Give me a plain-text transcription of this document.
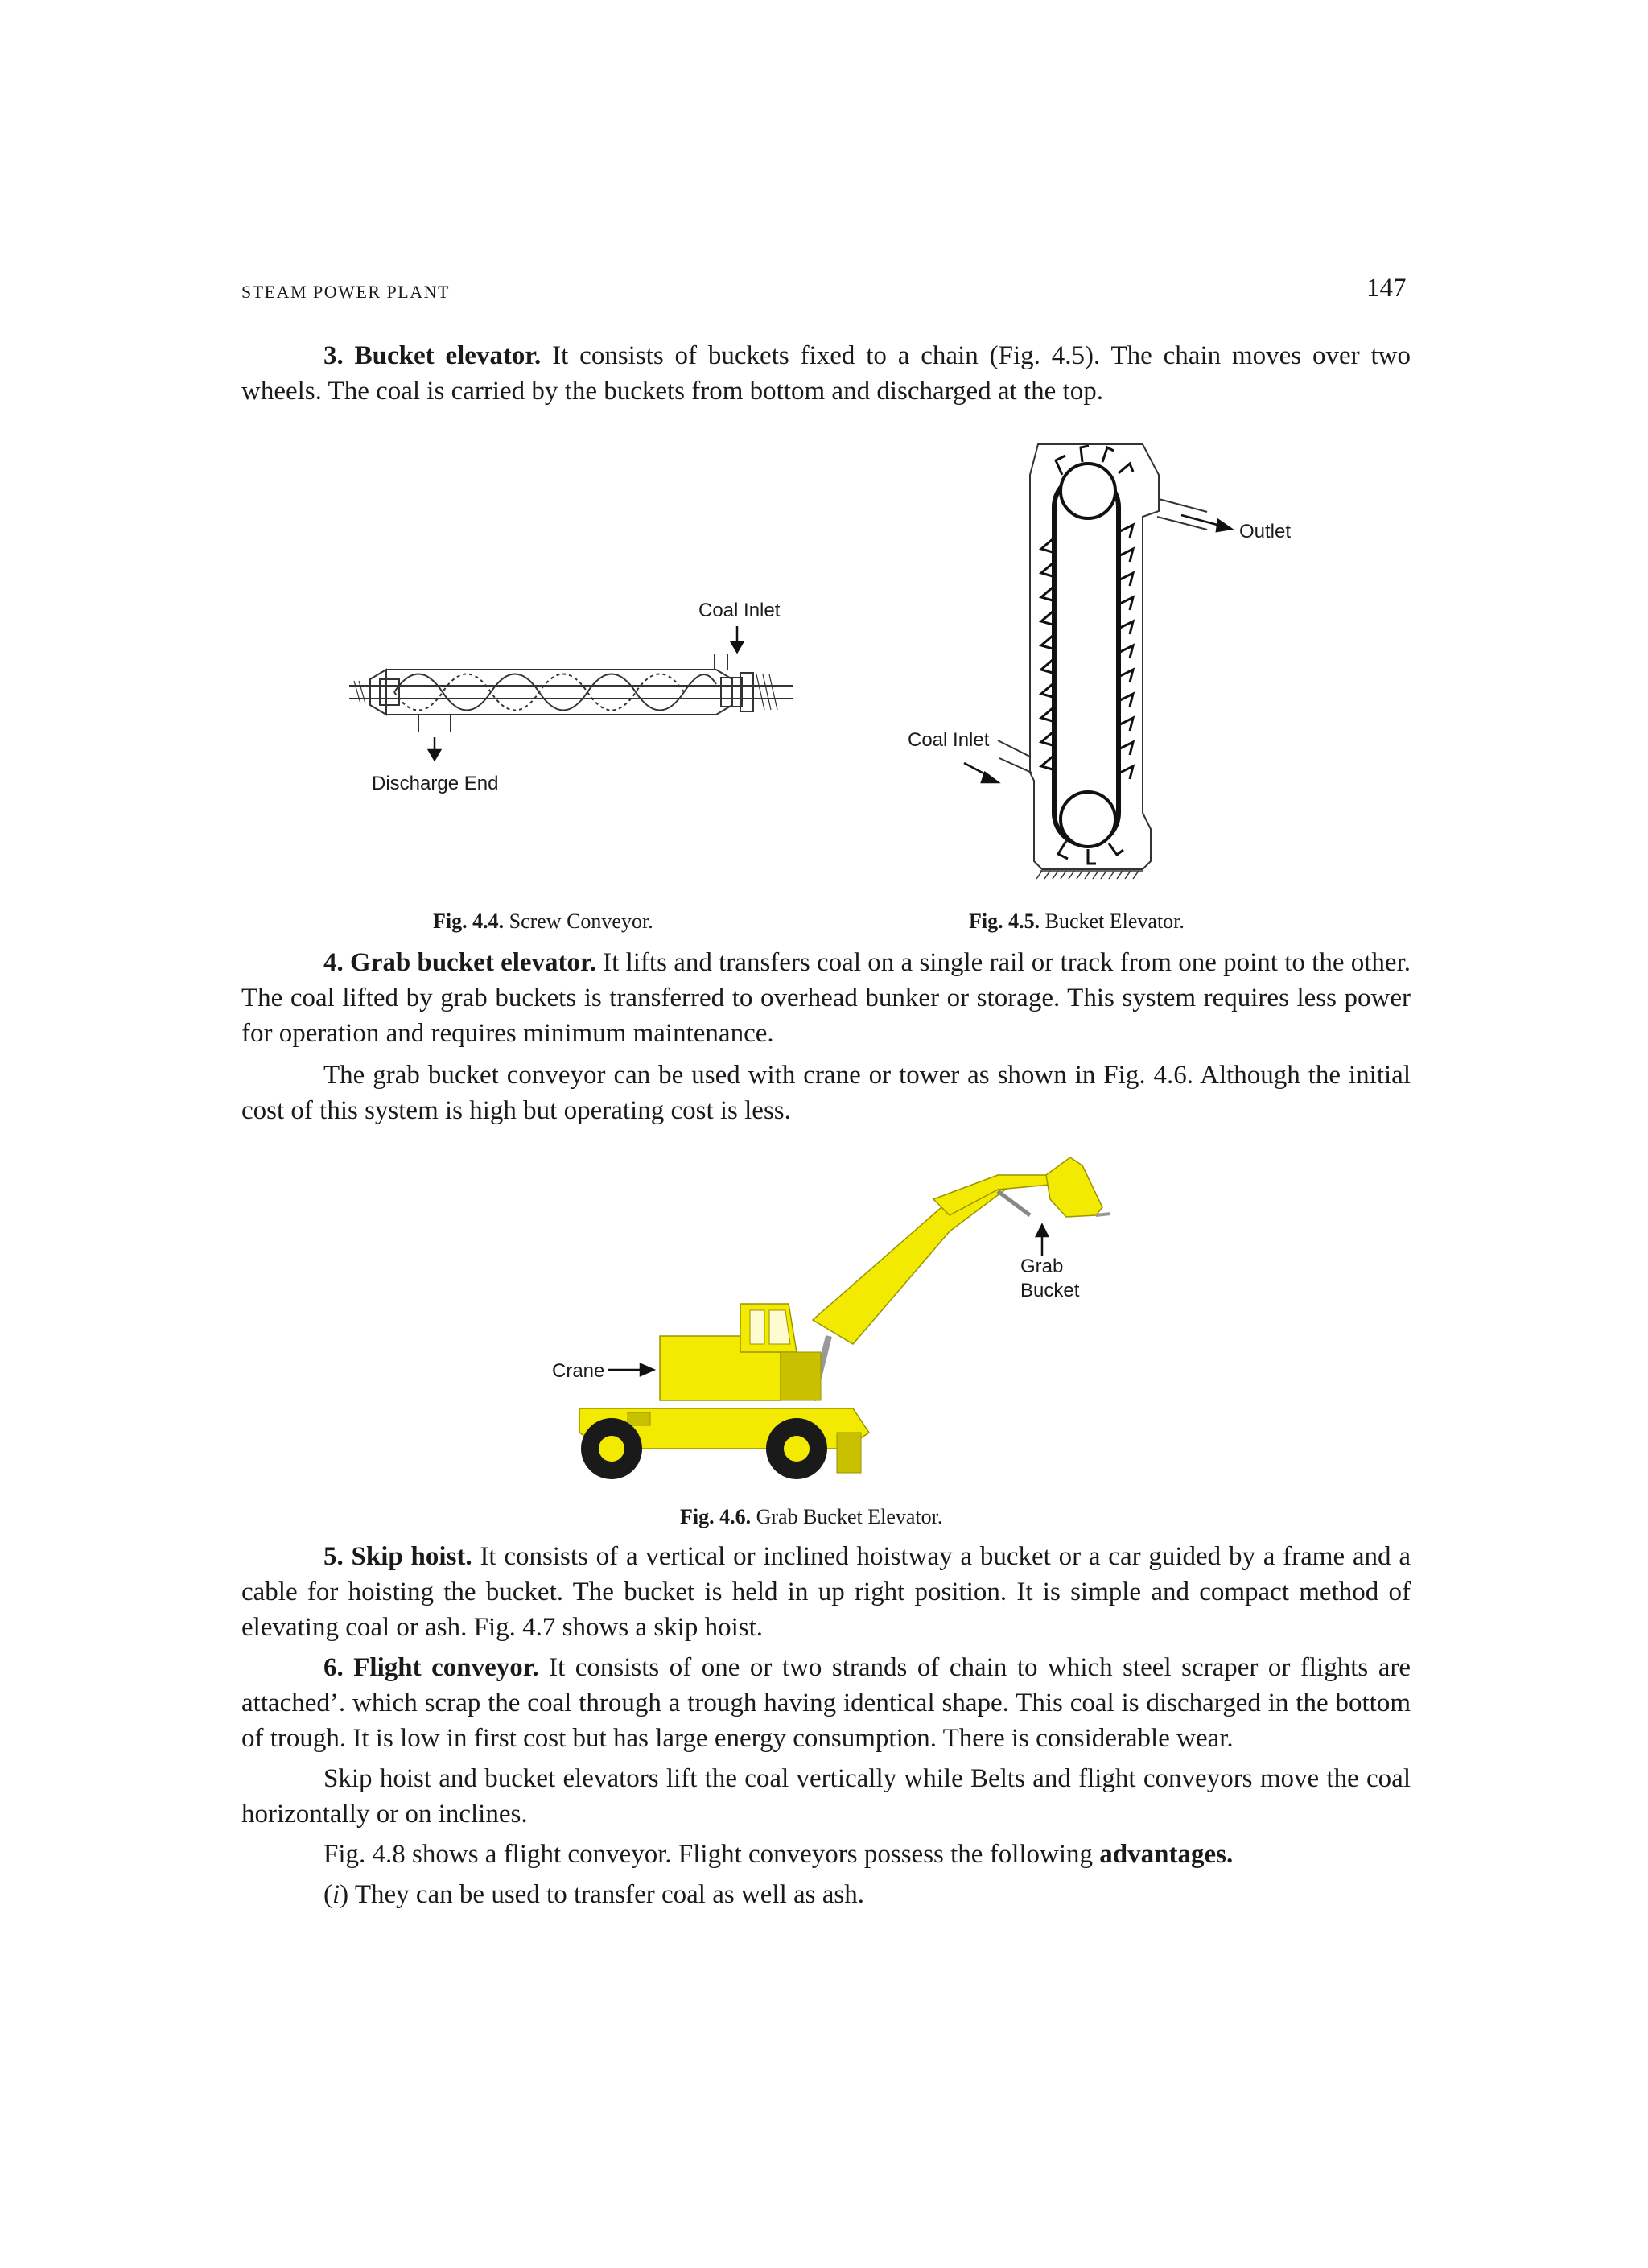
STEAM POWER PLANT	147

3. Bucket elevator. It consists of buckets fixed to a chain (Fig. 4.5). The chain moves over two wheels. The coal is carried by the buckets from bottom and discharged at the top.

Coal Inlet
Discharge End
Outlet
Coal Inlet
Fig. 4.4. Screw Conveyor.	Fig. 4.5. Bucket Elevator.

4. Grab bucket elevator. It lifts and transfers coal on a single rail or track from one point to the other. The coal lifted by grab buckets is transferred to overhead bunker or storage. This system requires less power for operation and requires minimum maintenance.

The grab bucket conveyor can be used with crane or tower as shown in Fig. 4.6. Although the initial cost of this system is high but operating cost is less.

Grab
Bucket
Crane
Fig. 4.6. Grab Bucket Elevator.

5. Skip hoist. It consists of a vertical or inclined hoistway a bucket or a car guided by a frame and a cable for hoisting the bucket. The bucket is held in up right position. It is simple and compact method of elevating coal or ash. Fig. 4.7 shows a skip hoist.

6. Flight conveyor. It consists of one or two strands of chain to which steel scraper or flights are attached’. which scrap the coal through a trough having identical shape. This coal is discharged in the bottom of trough. It is low in first cost but has large energy consumption. There is considerable wear.

Skip hoist and bucket elevators lift the coal vertically while Belts and flight conveyors move the coal horizontally or on inclines.

Fig. 4.8 shows a flight conveyor. Flight conveyors possess the following advantages.

(i) They can be used to transfer coal as well as ash.
